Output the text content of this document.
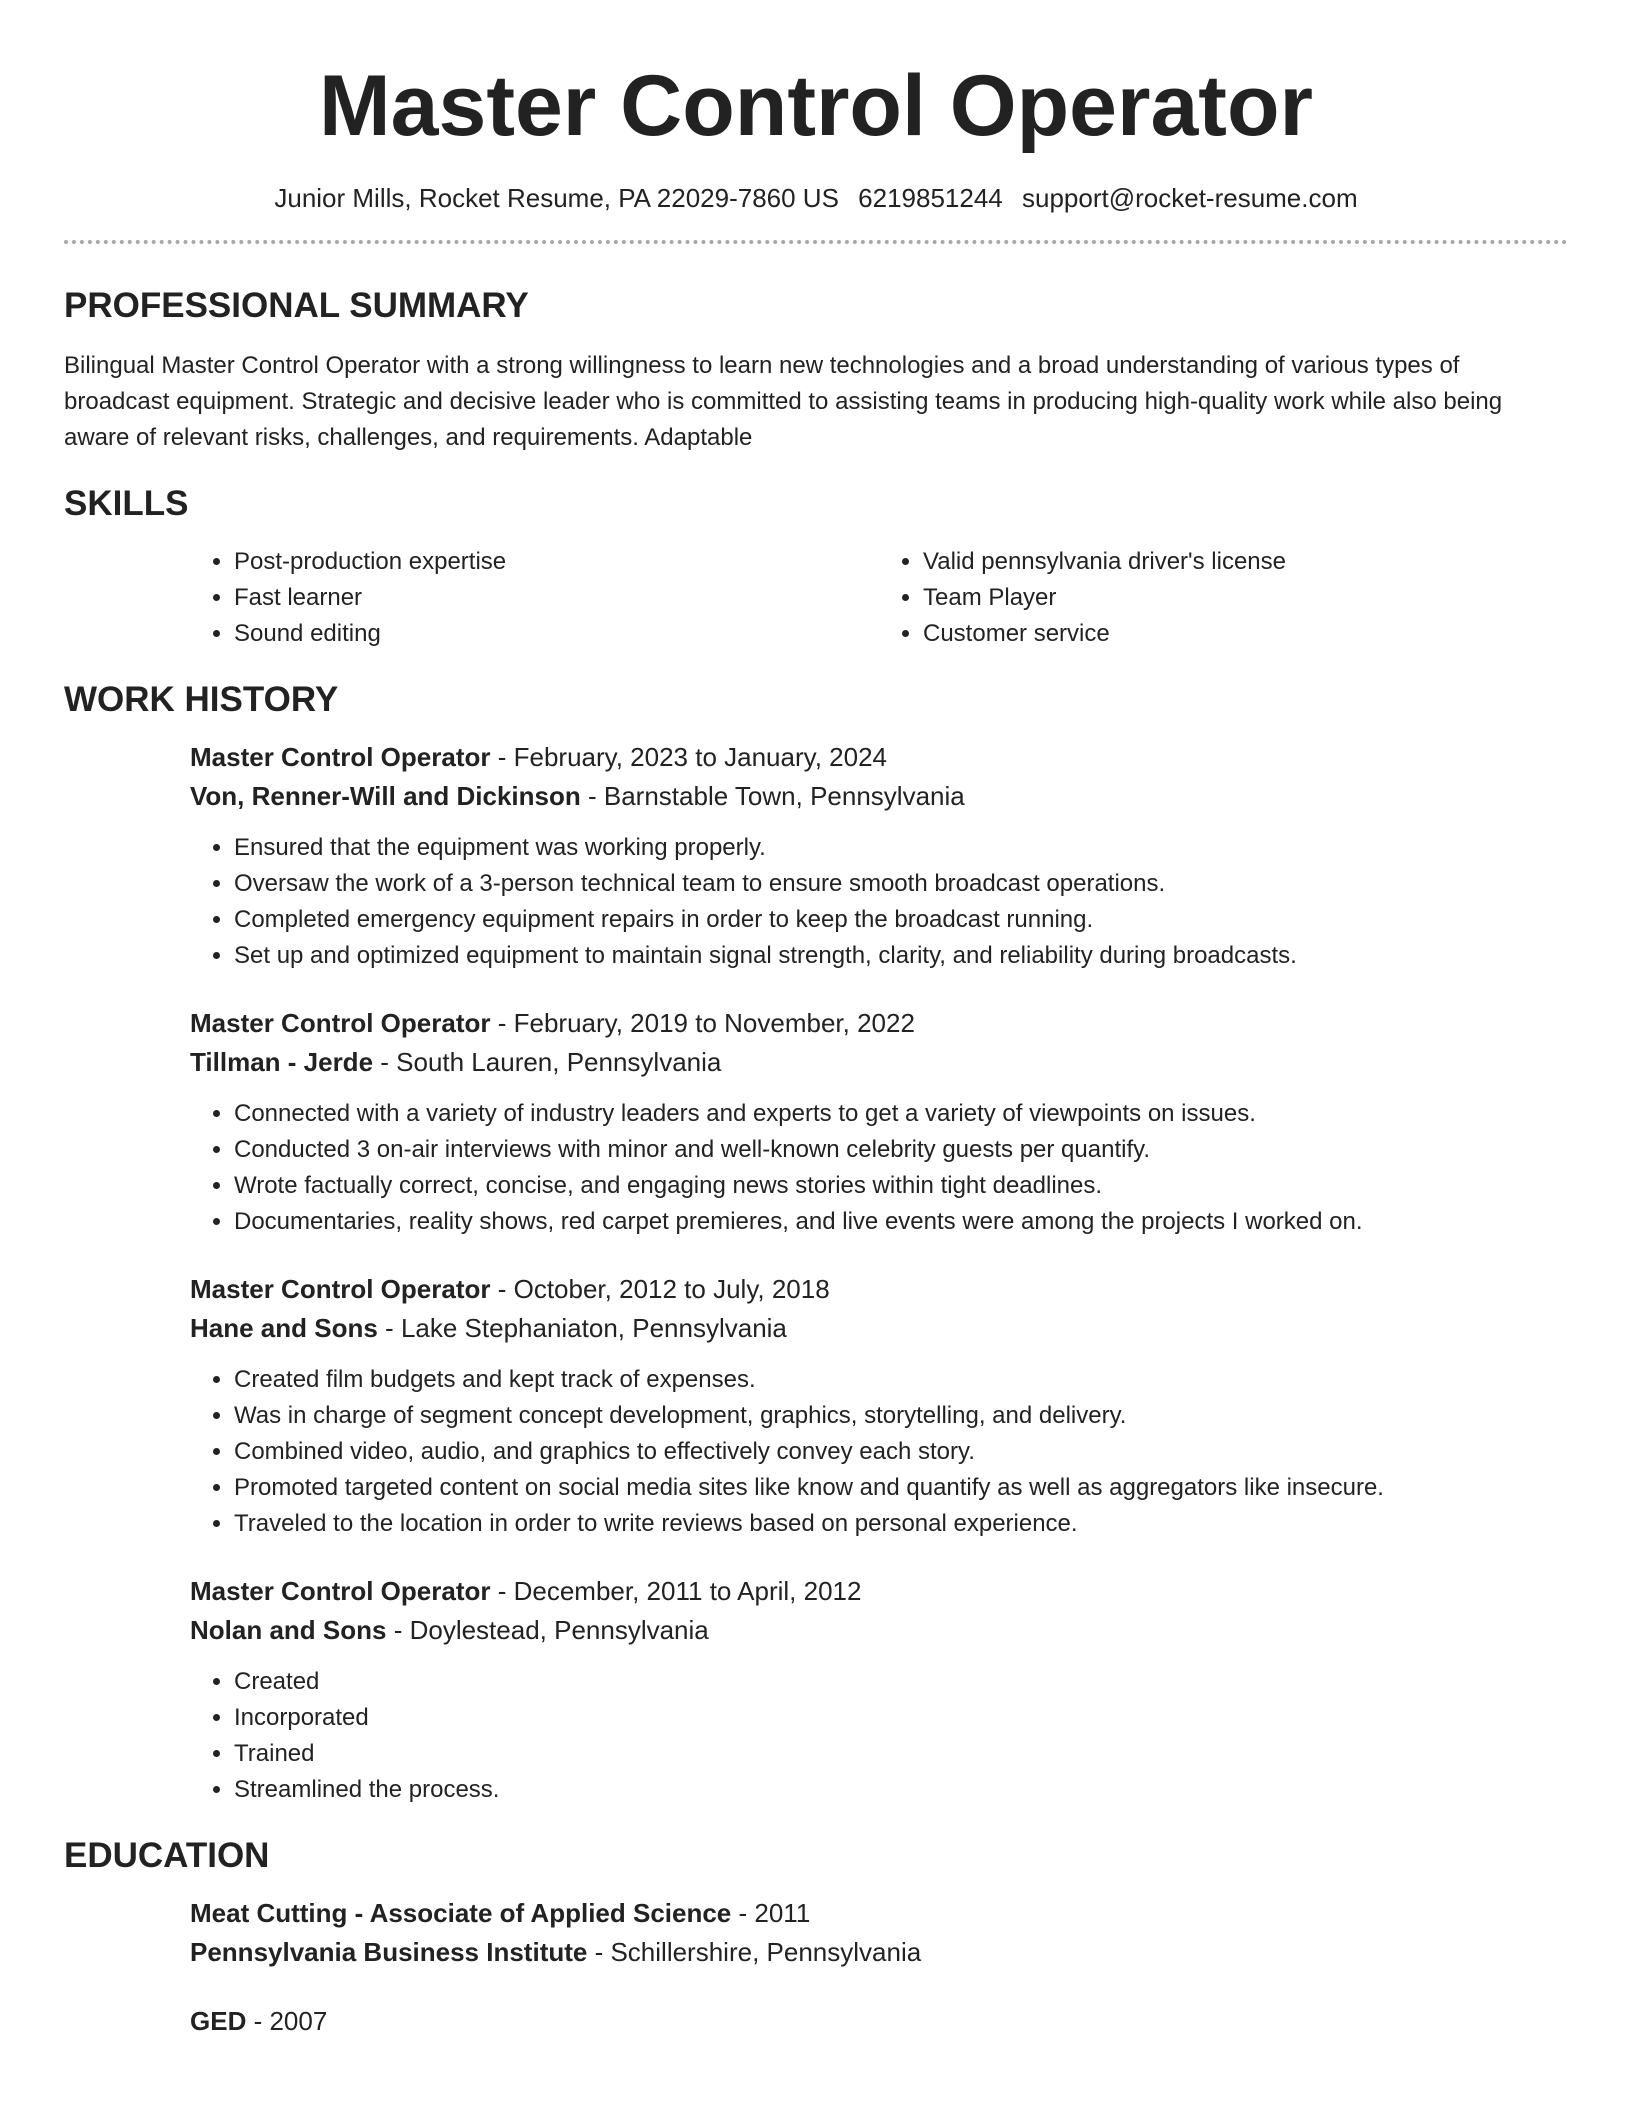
Master Control Operator
Junior Mills, Rocket Resume, PA 22029-7860 US 6219851244 support@rocket-resume.com
PROFESSIONAL SUMMARY

Bilingual Master Control Operator with a strong willingness to learn new technologies and a broad understanding of various types of broadcast equipment. Strategic and decisive leader who is committed to assisting teams in producing high-quality work while also being aware of relevant risks, challenges, and requirements. Adaptable

SKILLS
• Post-production expertise
• Fast learner
• Sound editing
• Valid pennsylvania driver's license
• Team Player
• Customer service
WORK HISTORY

Master Control Operator - February, 2023 to January, 2024

Von, Renner-Will and Dickinson - Barnstable Town, Pennsylvania

• Ensured that the equipment was working properly.
• Oversaw the work of a 3-person technical team to ensure smooth broadcast operations.
• Completed emergency equipment repairs in order to keep the broadcast running.
• Set up and optimized equipment to maintain signal strength, clarity, and reliability during broadcasts.

Master Control Operator - February, 2019 to November, 2022

Tillman - Jerde - South Lauren, Pennsylvania

• Connected with a variety of industry leaders and experts to get a variety of viewpoints on issues.
• Conducted 3 on-air interviews with minor and well-known celebrity guests per quantify.
• Wrote factually correct, concise, and engaging news stories within tight deadlines.
• Documentaries, reality shows, red carpet premieres, and live events were among the projects I worked on.

Master Control Operator - October, 2012 to July, 2018

Hane and Sons - Lake Stephaniaton, Pennsylvania

• Created film budgets and kept track of expenses.
• Was in charge of segment concept development, graphics, storytelling, and delivery.
• Combined video, audio, and graphics to effectively convey each story.
• Promoted targeted content on social media sites like know and quantify as well as aggregators like insecure.
• Traveled to the location in order to write reviews based on personal experience.

Master Control Operator - December, 2011 to April, 2012

Nolan and Sons - Doylestead, Pennsylvania

• Created
• Incorporated
• Trained
• Streamlined the process.
EDUCATION

Meat Cutting - Associate of Applied Science - 2011

Pennsylvania Business Institute - Schillershire, Pennsylvania

GED - 2007
